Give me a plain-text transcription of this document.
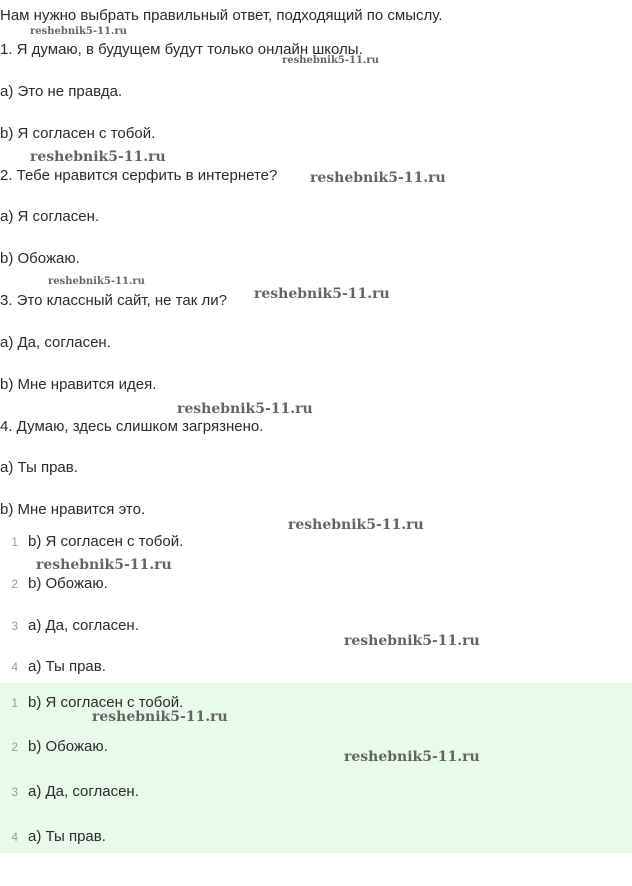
Нам нужно выбрать правильный ответ, подходящий по смыслу.
1. Я думаю, в будущем будут только онлайн школы.
a) Это не правда.
b) Я согласен с тобой.
2. Тебе нравится серфить в интернете?
a) Я согласен.
b) Обожаю.
3. Это классный сайт, не так ли?
a) Да, согласен.
b) Мне нравится идея.
4. Думаю, здесь слишком загрязнено.
a) Ты прав.
b) Мне нравится это.
1 b) Я согласен с тобой.
2 b) Обожаю.
3 a) Да, согласен.
4 a) Ты прав.
1 b) Я согласен с тобой.
2 b) Обожаю.
3 a) Да, согласен.
4 a) Ты прав.
reshebnik5-11.ru
reshebnik5-11.ru
reshebnik5-11.ru
reshebnik5-11.ru
reshebnik5-11.ru
reshebnik5-11.ru
reshebnik5-11.ru
reshebnik5-11.ru
reshebnik5-11.ru
reshebnik5-11.ru
reshebnik5-11.ru
reshebnik5-11.ru
